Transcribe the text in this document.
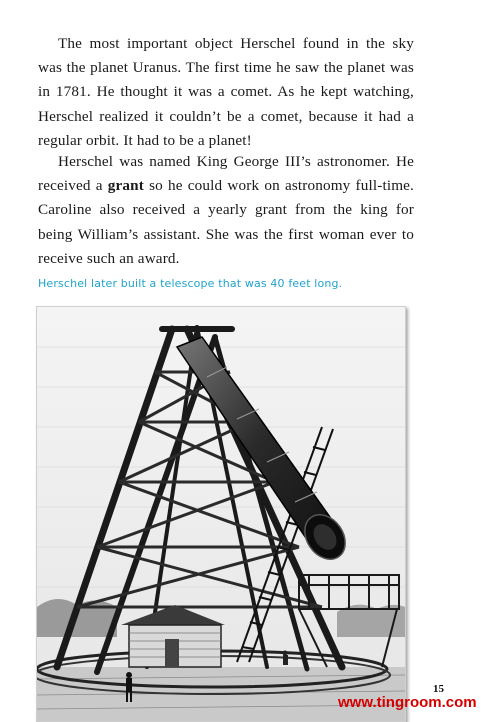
The most important object Herschel found in the sky was the planet Uranus. The first time he saw the planet was in 1781. He thought it was a comet. As he kept watching, Herschel realized it couldn’t be a comet, because it had a regular orbit. It had to be a planet!

Herschel was named King George III’s astronomer. He received a grant so he could work on astronomy full-time. Caroline also received a yearly grant from the king for being William’s assistant. She was the first woman ever to receive such an award.

Herschel later built a telescope that was 40 feet long.
15
www.tingroom.com
